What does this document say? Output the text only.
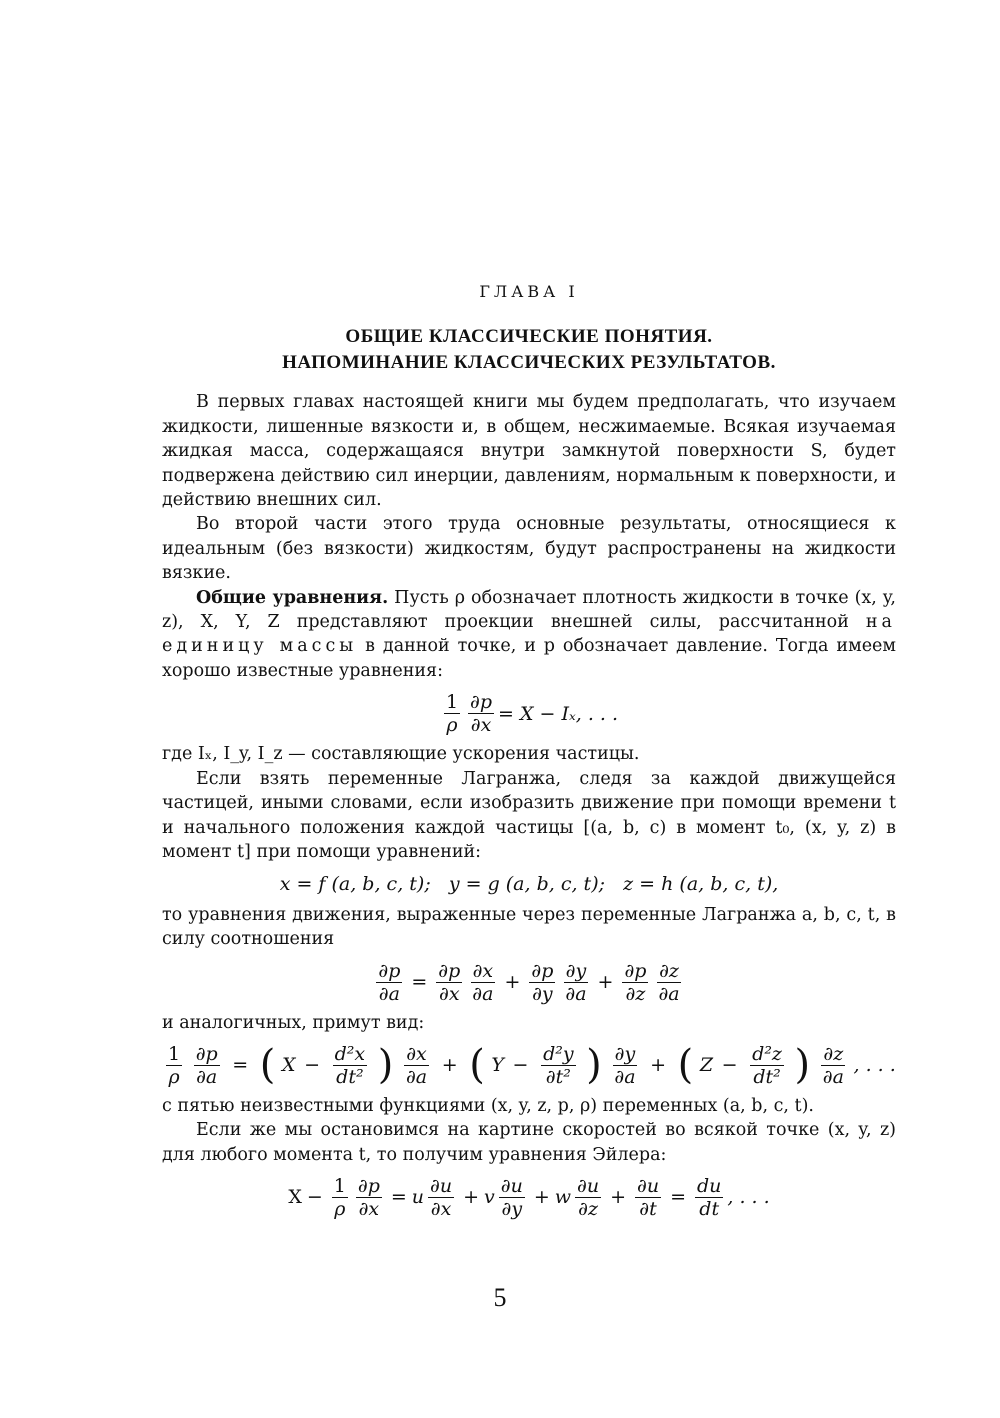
ГЛАВА I
ОБЩИЕ КЛАССИЧЕСКИЕ ПОНЯТИЯ.
НАПОМИНАНИЕ КЛАССИЧЕСКИХ РЕЗУЛЬТАТОВ.

В первых главах настоящей книги мы будем предполагать, что изучаем жидкости, лишенные вязкости и, в общем, несжимаемые. Всякая изучаемая жидкая масса, содержащаяся внутри замкнутой поверхности S, будет подвержена действию сил инерции, давлениям, нормальным к поверхности, и действию внешних сил.

Во второй части этого труда основные результаты, относящиеся к идеальным (без вязкости) жидкостям, будут распространены на жидкости вязкие.

Общие уравнения. Пусть ρ обозначает плотность жидкости в точке (x, y, z), X, Y, Z представляют проекции внешней силы, рассчитанной на единицу массы в данной точке, и p обозначает давление. Тогда имеем хорошо известные уравнения:

$\frac{1}{\rho} \frac{\partial p}{\partial x} = X - I_x$, . . .

где Iₓ, I_y, I_z — составляющие ускорения частицы.

Если взять переменные Лагранжа, следя за каждой движущейся частицей, иными словами, если изобразить движение при помощи времени t и начального положения каждой частицы [(a, b, c) в момент t₀, (x, y, z) в момент t] при помощи уравнений:

x = f (a, b, c, t);   y = g (a, b, c, t);   z = h (a, b, c, t),

то уравнения движения, выраженные через переменные Лагранжа a, b, c, t, в силу соотношения

$\frac{\partial p}{\partial a} = \frac{\partial p}{\partial x} \frac{\partial x}{\partial a} + \frac{\partial p}{\partial y} \frac{\partial y}{\partial a} + \frac{\partial p}{\partial z} \frac{\partial z}{\partial a}$

и аналогичных, примут вид:

$\frac{1}{\rho} \frac{\partial p}{\partial a}$ = ( $X - \frac{\text{d²x}}{\text{dt²}}$ ) $\frac{\partial x}{\partial a}$ + ( $Y - \frac{\text{d²y}}{\text{∂t²}}$ ) $\frac{\partial y}{\partial a}$ + ( $Z - \frac{\text{d²z}}{\text{dt²}}$ ) $\frac{\partial z}{\partial a}$ , . . .

с пятью неизвестными функциями (x, y, z, p, ρ) переменных (a, b, c, t).

Если же мы остановимся на картине скоростей во всякой точке (x, y, z) для любого момента t, то получим уравнения Эйлера:

$X - \frac{1}{\rho} \frac{\partial p}{\partial x} = u \frac{\partial u}{\partial x} + v \frac{\partial u}{\partial y} + w \frac{\partial u}{\partial z} + \frac{\partial u}{\partial t} = \frac{du}{dt}$ , . . .
5
